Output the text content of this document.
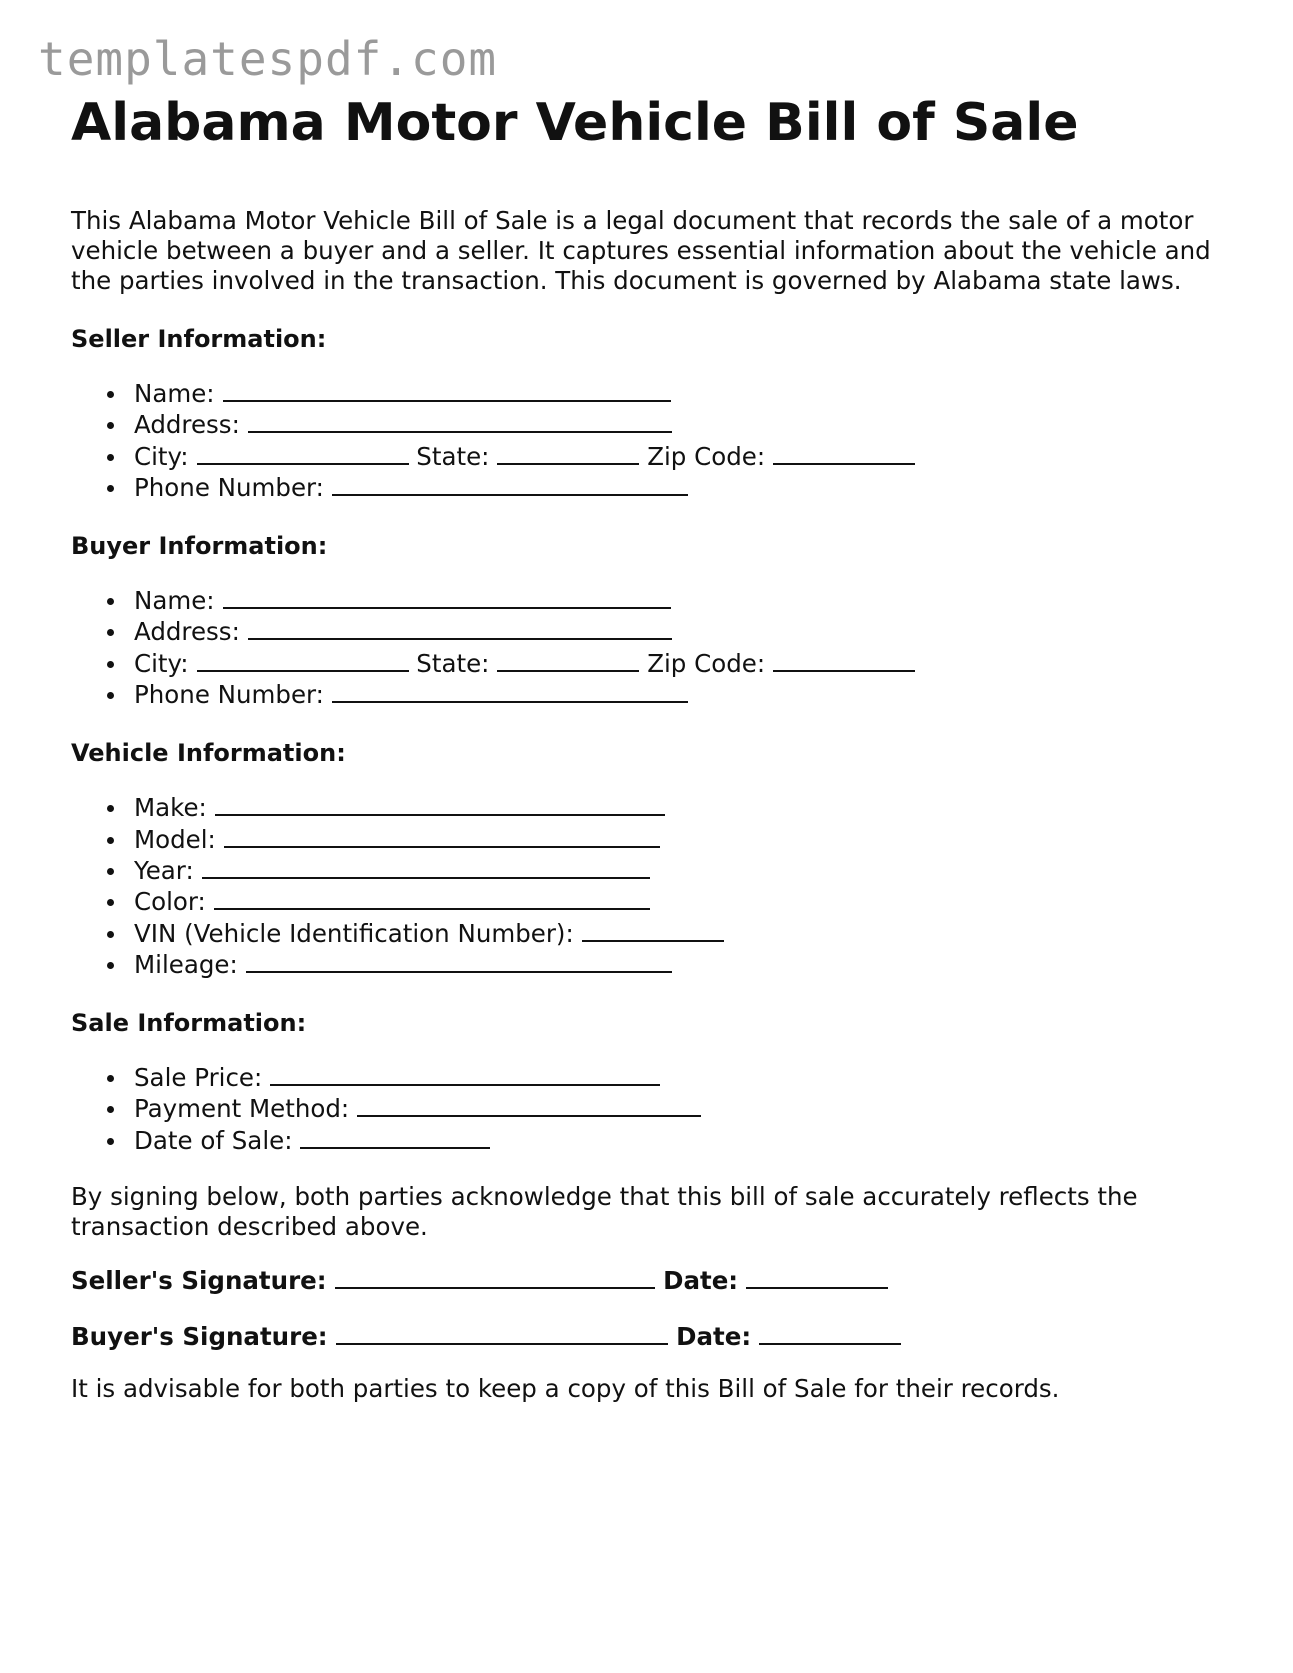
templatespdf.com
Alabama Motor Vehicle Bill of Sale

This Alabama Motor Vehicle Bill of Sale is a legal document that records the sale of a motor vehicle between a buyer and a seller. It captures essential information about the vehicle and the parties involved in the transaction. This document is governed by Alabama state laws.

Seller Information:

Name:
Address:
City:	State:	Zip Code:
Phone Number:

Buyer Information:

Name:
Address:
City:	State:	Zip Code:
Phone Number:

Vehicle Information:

Make:
Model:
Year:
Color:
VIN (Vehicle Identification Number):
Mileage:

Sale Information:

Sale Price:
Payment Method:
Date of Sale:

By signing below, both parties acknowledge that this bill of sale accurately reflects the transaction described above.

Seller's Signature:	Date:

Buyer's Signature:	Date:

It is advisable for both parties to keep a copy of this Bill of Sale for their records.
